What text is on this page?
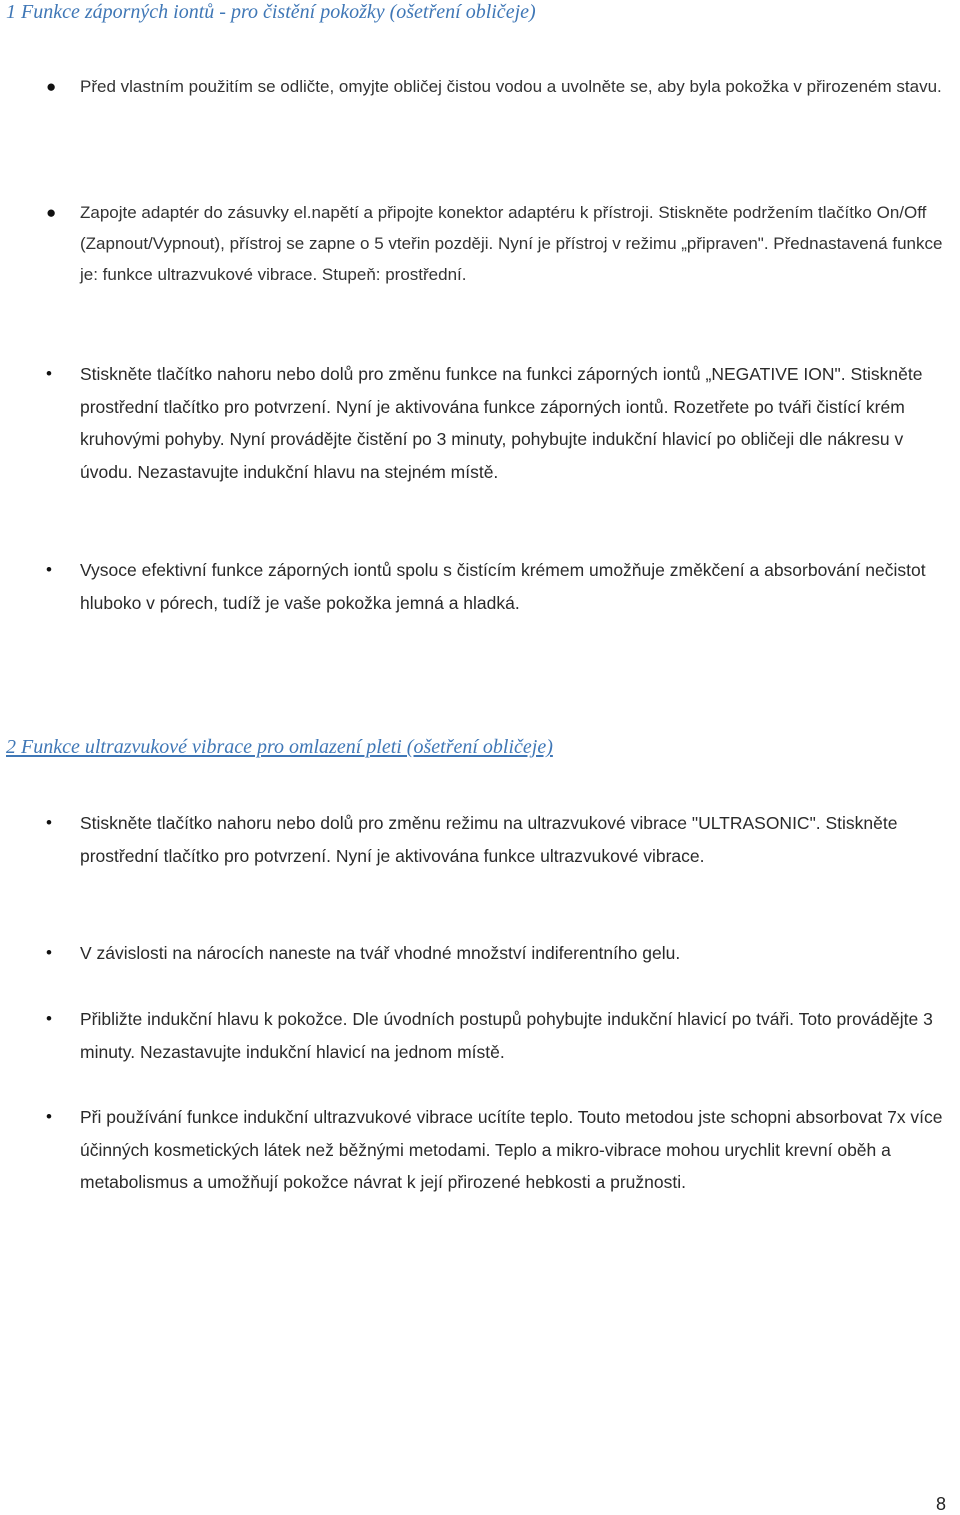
1 Funkce záporných iontů - pro čistění pokožky (ošetření obličeje)
● Před vlastním použitím se odličte, omyjte obličej čistou vodou a uvolněte se, aby byla pokožka v přirozeném stavu.
● Zapojte adaptér do zásuvky el.napětí a připojte konektor adaptéru k přístroji. Stiskněte podržením tlačítko On/Off (Zapnout/Vypnout), přístroj se zapne o 5 vteřin později. Nyní je přístroj v režimu „připraven". Přednastavená funkce je: funkce ultrazvukové vibrace. Stupeň: prostřední.
• Stiskněte tlačítko nahoru nebo dolů pro změnu funkce na funkci záporných iontů „NEGATIVE ION". Stiskněte prostřední tlačítko pro potvrzení. Nyní je aktivována funkce záporných iontů. Rozetřete po tváři čistící krém kruhovými pohyby. Nyní provádějte čistění po 3 minuty, pohybujte indukční hlavicí po obličeji dle nákresu v úvodu. Nezastavujte indukční hlavu na stejném místě.
• Vysoce efektivní funkce záporných iontů spolu s čistícím krémem umožňuje změkčení a absorbování nečistot hluboko v pórech, tudíž je vaše pokožka jemná a hladká.
2 Funkce ultrazvukové vibrace pro omlazení pleti (ošetření obličeje)
• Stiskněte tlačítko nahoru nebo dolů pro změnu režimu na ultrazvukové vibrace "ULTRASONIC". Stiskněte prostřední tlačítko pro potvrzení. Nyní je aktivována funkce ultrazvukové vibrace.
• V závislosti na nárocích naneste na tvář vhodné množství indiferentního gelu.
• Přibližte indukční hlavu k pokožce. Dle úvodních postupů pohybujte indukční hlavicí po tváři. Toto provádějte 3 minuty. Nezastavujte indukční hlavicí na jednom místě.
• Při používání funkce indukční ultrazvukové vibrace ucítíte teplo. Touto metodou jste schopni absorbovat 7x více účinných kosmetických látek než běžnými metodami. Teplo a mikro-vibrace mohou urychlit krevní oběh a metabolismus a umožňují pokožce návrat k její přirozené hebkosti a pružnosti.
8
